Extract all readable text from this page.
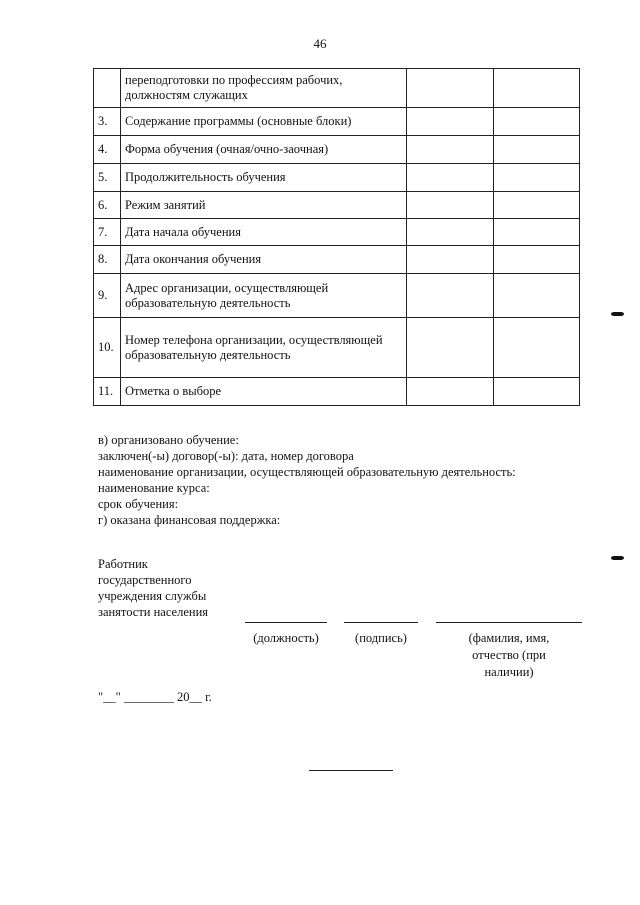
46
	переподготовки по профессиям рабочих, должностям служащих		
3.	Содержание программы (основные блоки)		
4.	Форма обучения (очная/очно-заочная)		
5.	Продолжительность обучения		
6.	Режим занятий		
7.	Дата начала обучения		
8.	Дата окончания обучения		
9.	Адрес организации, осуществляющей образовательную деятельность		
10.	Номер телефона организации, осуществляющей образовательную деятельность		
11.	Отметка о выборе		
в) организовано обучение:
заключен(-ы) договор(-ы): дата, номер договора
наименование организации, осуществляющей образовательную деятельность:
наименование курса:
срок обучения:
г) оказана финансовая поддержка:
Работник
государственного
учреждения службы
занятости населения
(должность)	(подпись)	(фамилия, имя,
отчество (при
наличии)
"__" ________ 20__ г.
